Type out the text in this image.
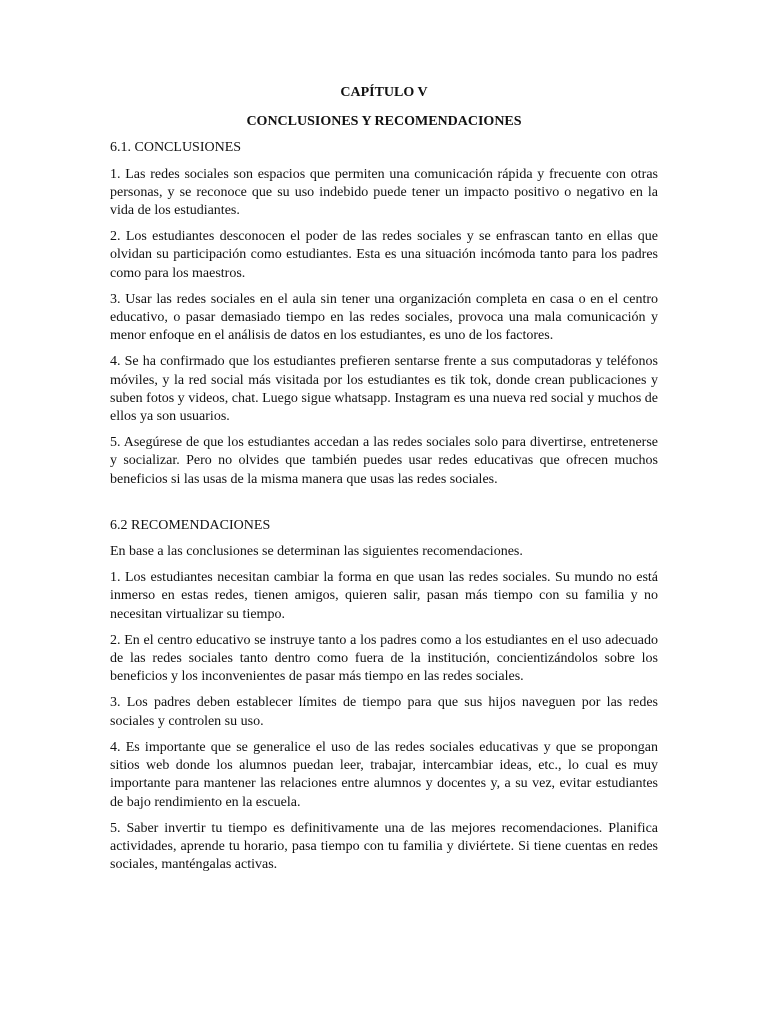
CAPÍTULO V
CONCLUSIONES Y RECOMENDACIONES
6.1. CONCLUSIONES

1. Las redes sociales son espacios que permiten una comunicación rápida y frecuente con otras personas, y se reconoce que su uso indebido puede tener un impacto positivo o negativo en la vida de los estudiantes.

2. Los estudiantes desconocen el poder de las redes sociales y se enfrascan tanto en ellas que olvidan su participación como estudiantes. Esta es una situación incómoda tanto para los padres como para los maestros.

3. Usar las redes sociales en el aula sin tener una organización completa en casa o en el centro educativo, o pasar demasiado tiempo en las redes sociales, provoca una mala comunicación y menor enfoque en el análisis de datos en los estudiantes, es uno de los factores.

4. Se ha confirmado que los estudiantes prefieren sentarse frente a sus computadoras y teléfonos móviles, y la red social más visitada por los estudiantes es tik tok, donde crean publicaciones y suben fotos y videos, chat. Luego sigue whatsapp. Instagram es una nueva red social y muchos de ellos ya son usuarios.

5. Asegúrese de que los estudiantes accedan a las redes sociales solo para divertirse, entretenerse y socializar. Pero no olvides que también puedes usar redes educativas que ofrecen muchos beneficios si las usas de la misma manera que usas las redes sociales.

6.2 RECOMENDACIONES

En base a las conclusiones se determinan las siguientes recomendaciones.

1. Los estudiantes necesitan cambiar la forma en que usan las redes sociales. Su mundo no está inmerso en estas redes, tienen amigos, quieren salir, pasan más tiempo con su familia y no necesitan virtualizar su tiempo.

2. En el centro educativo se instruye tanto a los padres como a los estudiantes en el uso adecuado de las redes sociales tanto dentro como fuera de la institución, concientizándolos sobre los beneficios y los inconvenientes de pasar más tiempo en las redes sociales.

3. Los padres deben establecer límites de tiempo para que sus hijos naveguen por las redes sociales y controlen su uso.

4. Es importante que se generalice el uso de las redes sociales educativas y que se propongan sitios web donde los alumnos puedan leer, trabajar, intercambiar ideas, etc., lo cual es muy importante para mantener las relaciones entre alumnos y docentes y, a su vez, evitar estudiantes de bajo rendimiento en la escuela.

5. Saber invertir tu tiempo es definitivamente una de las mejores recomendaciones. Planifica actividades, aprende tu horario, pasa tiempo con tu familia y diviértete. Si tiene cuentas en redes sociales, manténgalas activas.
